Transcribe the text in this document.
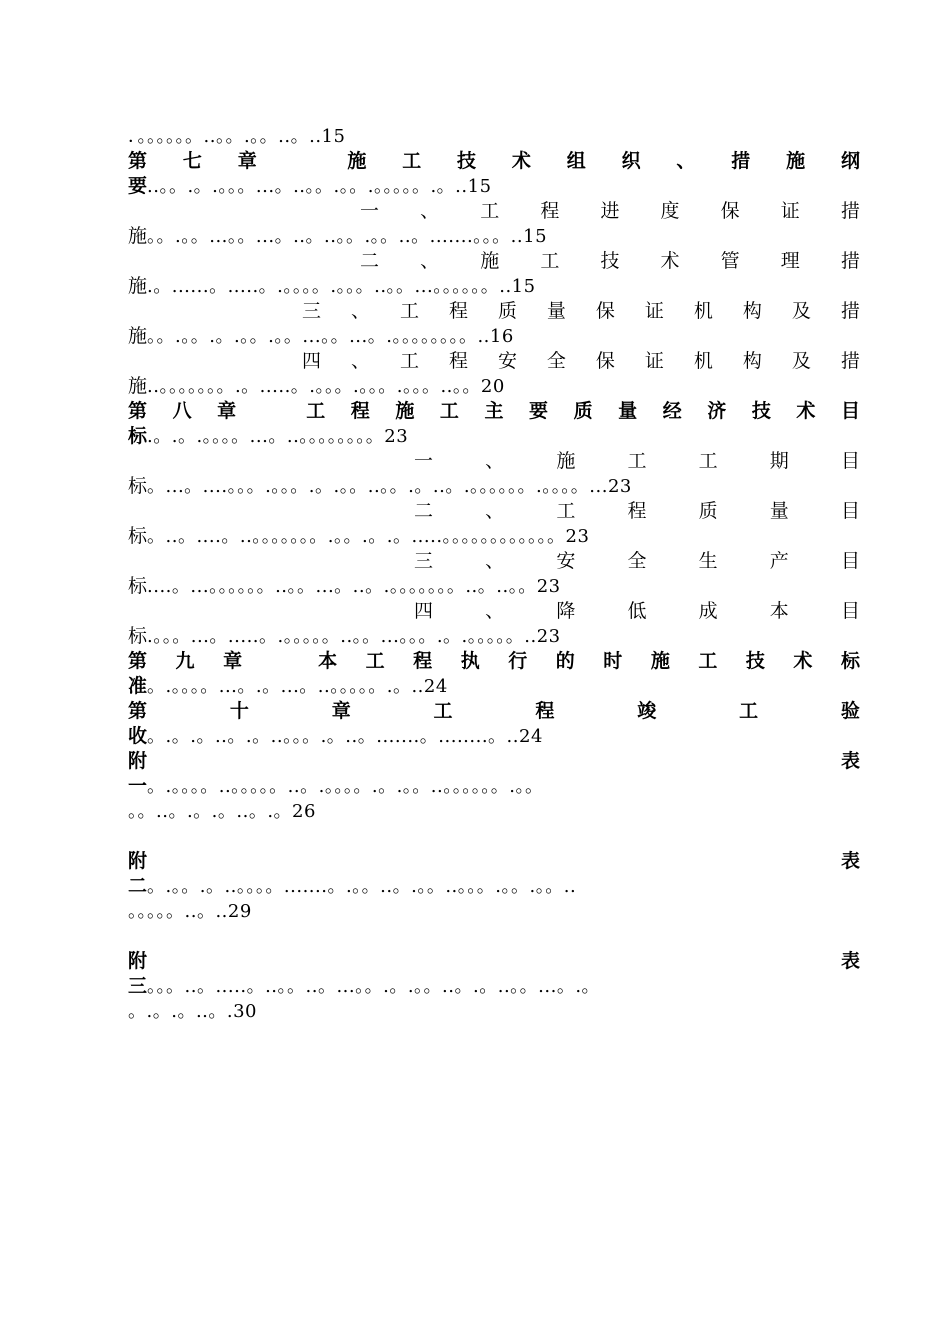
．。。。。。。..。。.。。..。..15
第 七 章	施 工 技 术 组 织 、 措 施 纲
要..。。.。.。。。...。..。。.。。.。。。。。.。..15
一 、 工 程 进 度 保 证 措
施。。.。。...。。...。..。..。。.。。..。.......。。。..15
二 、 施 工 技 术 管 理 措
施.。......。.....。.。。。。.。。。..。。...。。。。。。..15
三 、 工 程 质 量 保 证 机 构 及 措
施。。.。。.。.。。.。。...。。...。.。。。。。。。。..16
四 、 工 程 安 全 保 证 机 构 及 措
施..。。。。。。。.。.....。.。。。.。。。.。。。..。。20
第 八 章	工 程 施 工 主 要 质 量 经 济 技 术 目
标.。.。.。。。。...。..。。。。。。。。23
一	、	施	工	工	期	目
标。...。....。。。.。。。.。.。。..。。.。..。.。。。。。。.。。。。...23
二	、	工	程	质	量	目
标。..。....。..。。。。。。。.。。.。.。.....。。。。。。。。。。。。23
三	、	安	全	生	产	目
标....。...。。。。。。..。。...。..。.。。。。。。。..。..。。23
四	、	降	低	成	本	目
标.。。。...。.....。.。。。。。..。。...。。。.。.。。。。。..23
第 九 章	本 工 程 执 行 的 时 施 工 技 术 标
准。.。。。。...。.。...。..。。。。。.。..24
第	十	章	工	程	竣	工	验
收。.。.。..。.。..。。。.。..。.......。........。..24
附	表
一。.。。。。..。。。。。..。.。。。。.。.。。..。。。。。。.。。
。。..。.。.。..。.。26
附	表
二。.。。.。..。。。。.......。.。。..。.。。..。。。.。。.。。..
。。。。。..。..29
附	表
三。。。..。.....。..。。..。...。。.。.。。..。.。..。。...。.。
。.。.。..。.30
